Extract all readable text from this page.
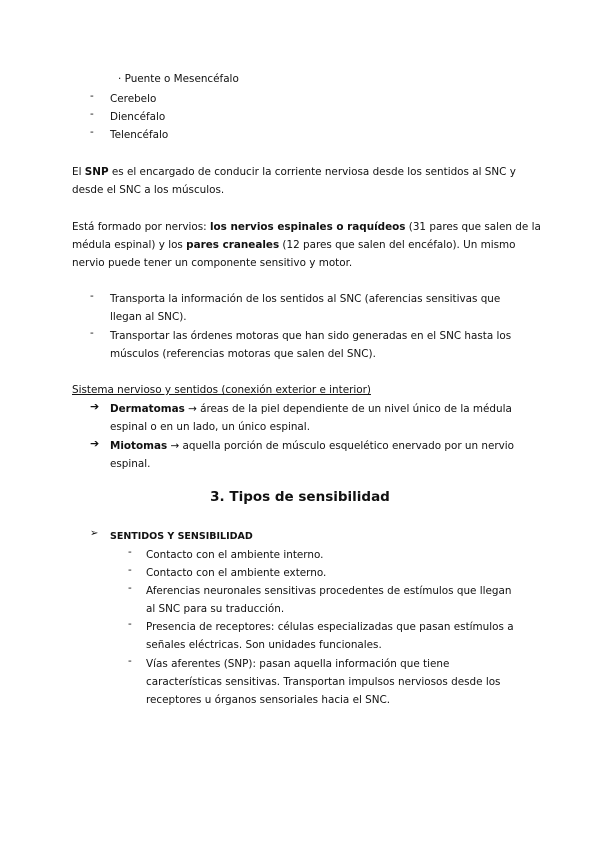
· Puente o Mesencéfalo
- Cerebelo
- Diencéfalo
- Telencéfalo
El SNP es el encargado de conducir la corriente nerviosa desde los sentidos al SNC y
desde el SNC a los músculos.
Está formado por nervios: los nervios espinales o raquídeos (31 pares que salen de la
médula espinal) y los pares craneales (12 pares que salen del encéfalo). Un mismo
nervio puede tener un componente sensitivo y motor.
- Transporta la información de los sentidos al SNC (aferencias sensitivas que
llegan al SNC).
- Transportar las órdenes motoras que han sido generadas en el SNC hasta los
músculos (referencias motoras que salen del SNC).
Sistema nervioso y sentidos (conexión exterior e interior)
➔ Dermatomas → áreas de la piel dependiente de un nivel único de la médula
espinal o en un lado, un único espinal.
➔ Miotomas → aquella porción de músculo esquelético enervado por un nervio
espinal.
3. Tipos de sensibilidad
➢ SENTIDOS Y SENSIBILIDAD
- Contacto con el ambiente interno.
- Contacto con el ambiente externo.
- Aferencias neuronales sensitivas procedentes de estímulos que llegan
al SNC para su traducción.
- Presencia de receptores: células especializadas que pasan estímulos a
señales eléctricas. Son unidades funcionales.
- Vías aferentes (SNP): pasan aquella información que tiene
características sensitivas. Transportan impulsos nerviosos desde los
receptores u órganos sensoriales hacia el SNC.
